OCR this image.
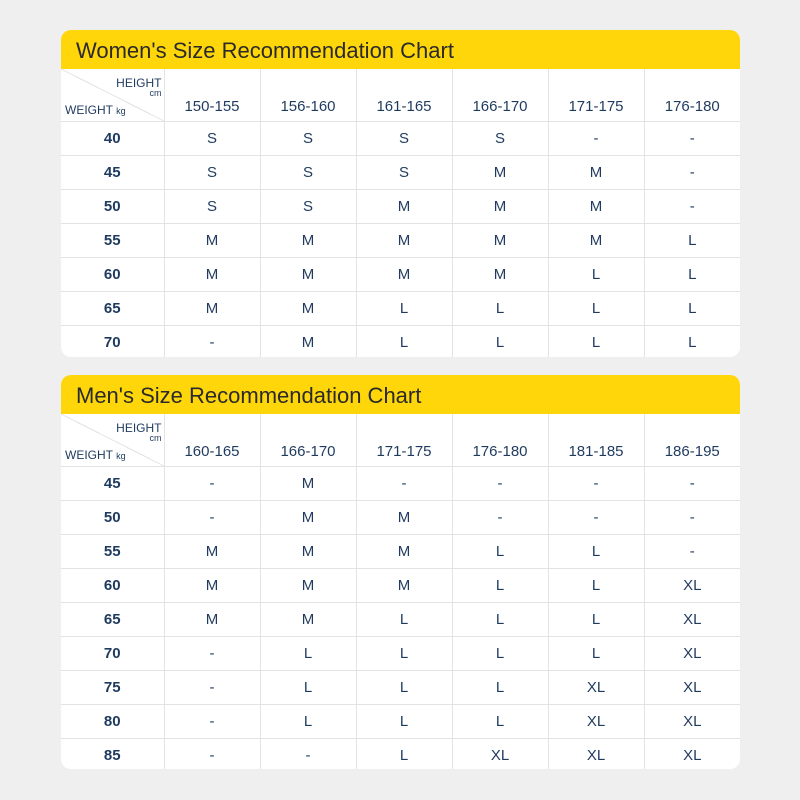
Women's Size Recommendation Chart
HEIGHT
cm
WEIGHT kg	150-155	156-160	161-165	166-170	171-175	176-180
40	S	S	S	S	-	-
45	S	S	S	M	M	-
50	S	S	M	M	M	-
55	M	M	M	M	M	L
60	M	M	M	M	L	L
65	M	M	L	L	L	L
70	-	M	L	L	L	L
Men's Size Recommendation Chart
HEIGHT
cm
WEIGHT kg	160-165	166-170	171-175	176-180	181-185	186-195
45	-	M	-	-	-	-
50	-	M	M	-	-	-
55	M	M	M	L	L	-
60	M	M	M	L	L	XL
65	M	M	L	L	L	XL
70	-	L	L	L	L	XL
75	-	L	L	L	XL	XL
80	-	L	L	L	XL	XL
85	-	-	L	XL	XL	XL
